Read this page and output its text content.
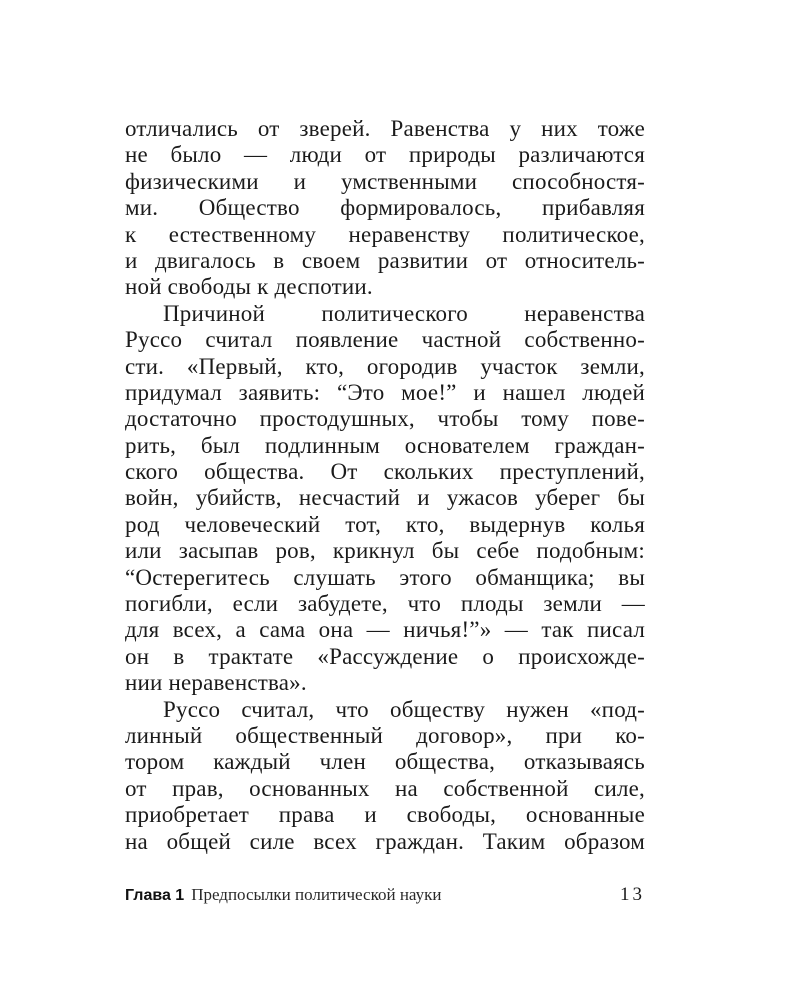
отличались от зверей. Равенства у них тоже
не было — люди от природы различаются
физическими и умственными способностя-
ми. Общество формировалось, прибавляя
к естественному неравенству политическое,
и двигалось в своем развитии от относитель-
ной свободы к деспотии.
Причиной политического неравенства
Руссо считал появление частной собственно-
сти. «Первый, кто, огородив участок земли,
придумал заявить: “Это мое!” и нашел людей
достаточно простодушных, чтобы тому пове-
рить, был подлинным основателем граждан-
ского общества. От скольких преступлений,
войн, убийств, несчастий и ужасов уберег бы
род человеческий тот, кто, выдернув колья
или засыпав ров, крикнул бы себе подобным:
“Остерегитесь слушать этого обманщика; вы
погибли, если забудете, что плоды земли —
для всех, а сама она — ничья!”» — так писал
он в трактате «Рассуждение о происхожде-
нии неравенства».
Руссо считал, что обществу нужен «под-
линный общественный договор», при ко-
тором каждый член общества, отказываясь
от прав, основанных на собственной силе,
приобретает права и свободы, основанные
на общей силе всех граждан. Таким образом
Глава 1 Предпосылки политической науки	13
